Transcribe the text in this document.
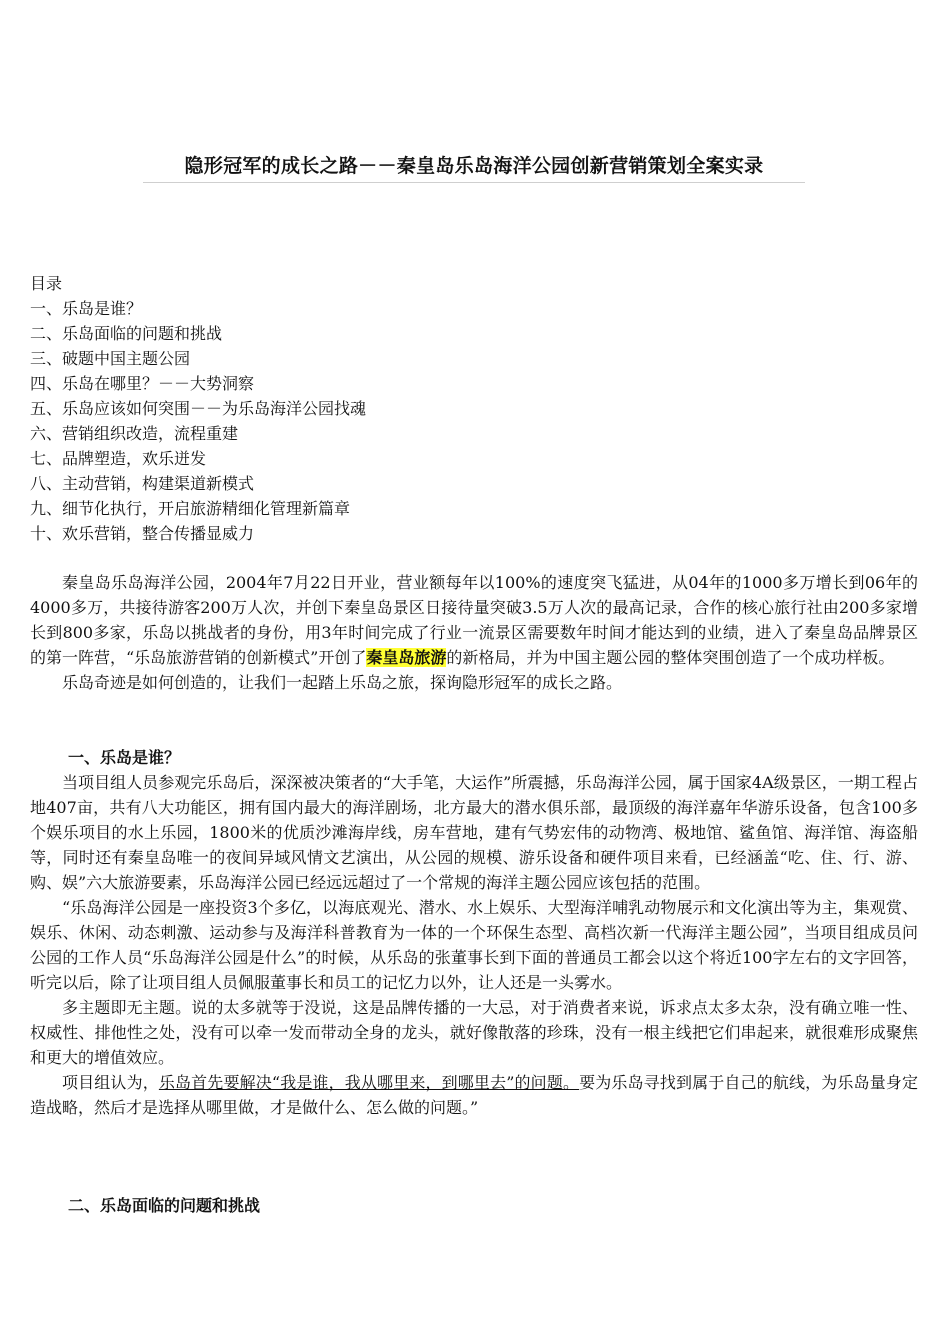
隐形冠军的成长之路－－秦皇岛乐岛海洋公园创新营销策划全案实录
目录
一、乐岛是谁？
二、乐岛面临的问题和挑战
三、破题中国主题公园
四、乐岛在哪里？－－大势洞察
五、乐岛应该如何突围－－为乐岛海洋公园找魂
六、营销组织改造，流程重建
七、品牌塑造，欢乐迸发
八、主动营销，构建渠道新模式
九、细节化执行，开启旅游精细化管理新篇章
十、欢乐营销，整合传播显威力

秦皇岛乐岛海洋公园，2004年7月22日开业，营业额每年以100%的速度突飞猛进，从04年的1000多万增长到06年的4000多万，共接待游客200万人次，并创下秦皇岛景区日接待量突破3.5万人次的最高记录，合作的核心旅行社由200多家增长到800多家，乐岛以挑战者的身份，用3年时间完成了行业一流景区需要数年时间才能达到的业绩，进入了秦皇岛品牌景区的第一阵营，“乐岛旅游营销的创新模式”开创了秦皇岛旅游的新格局，并为中国主题公园的整体突围创造了一个成功样板。

乐岛奇迹是如何创造的，让我们一起踏上乐岛之旅，探询隐形冠军的成长之路。

一、乐岛是谁？

当项目组人员参观完乐岛后，深深被决策者的“大手笔，大运作”所震撼，乐岛海洋公园，属于国家4A级景区，一期工程占地407亩，共有八大功能区，拥有国内最大的海洋剧场，北方最大的潜水俱乐部，最顶级的海洋嘉年华游乐设备，包含100多个娱乐项目的水上乐园，1800米的优质沙滩海岸线，房车营地，建有气势宏伟的动物湾、极地馆、鲨鱼馆、海洋馆、海盗船等，同时还有秦皇岛唯一的夜间异域风情文艺演出，从公园的规模、游乐设备和硬件项目来看，已经涵盖“吃、住、行、游、购、娱”六大旅游要素，乐岛海洋公园已经远远超过了一个常规的海洋主题公园应该包括的范围。

“乐岛海洋公园是一座投资3个多亿，以海底观光、潜水、水上娱乐、大型海洋哺乳动物展示和文化演出等为主，集观赏、娱乐、休闲、动态刺激、运动参与及海洋科普教育为一体的一个环保生态型、高档次新一代海洋主题公园”，当项目组成员问公园的工作人员“乐岛海洋公园是什么”的时候，从乐岛的张董事长到下面的普通员工都会以这个将近100字左右的文字回答，听完以后，除了让项目组人员佩服董事长和员工的记忆力以外，让人还是一头雾水。

多主题即无主题。说的太多就等于没说，这是品牌传播的一大忌，对于消费者来说，诉求点太多太杂，没有确立唯一性、权威性、排他性之处，没有可以牵一发而带动全身的龙头，就好像散落的珍珠，没有一根主线把它们串起来，就很难形成聚焦和更大的增值效应。

项目组认为，乐岛首先要解决“我是谁，我从哪里来，到哪里去”的问题。要为乐岛寻找到属于自己的航线，为乐岛量身定造战略，然后才是选择从哪里做，才是做什么、怎么做的问题。”

二、乐岛面临的问题和挑战
